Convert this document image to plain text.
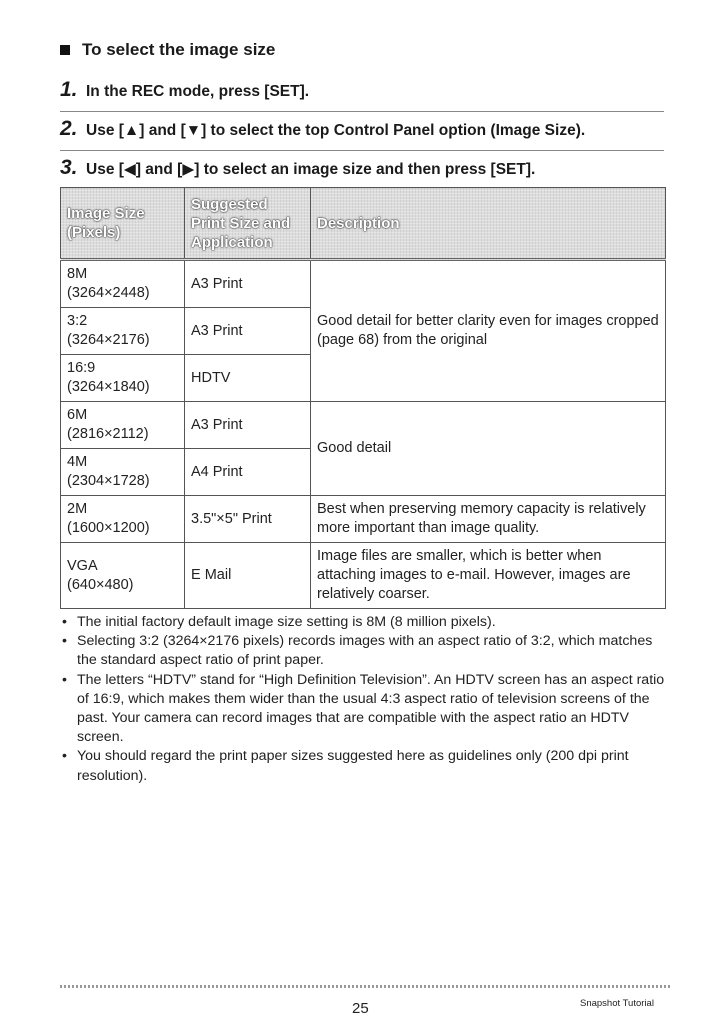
To select the image size
1. In the REC mode, press [SET].
2. Use [▲] and [▼] to select the top Control Panel option (Image Size).
3. Use [◀] and [▶] to select an image size and then press [SET].
Image Size (Pixels)	Suggested Print Size and Application	Description
8M
(3264×2448)	A3 Print	Good detail for better clarity even for images cropped (page 68) from the original
3:2
(3264×2176)	A3 Print	
16:9
(3264×1840)	HDTV	
6M
(2816×2112)	A3 Print	Good detail
4M
(2304×1728)	A4 Print	
2M
(1600×1200)	3.5"×5" Print	Best when preserving memory capacity is relatively more important than image quality.
VGA
(640×480)	E Mail	Image files are smaller, which is better when attaching images to e-mail. However, images are relatively coarser.
• The initial factory default image size setting is 8M (8 million pixels).
• Selecting 3:2 (3264×2176 pixels) records images with an aspect ratio of 3:2, which matches the standard aspect ratio of print paper.
• The letters “HDTV” stand for “High Definition Television”. An HDTV screen has an aspect ratio of 16:9, which makes them wider than the usual 4:3 aspect ratio of television screens of the past. Your camera can record images that are compatible with the aspect ratio an HDTV screen.
• You should regard the print paper sizes suggested here as guidelines only (200 dpi print resolution).
25	Snapshot Tutorial
